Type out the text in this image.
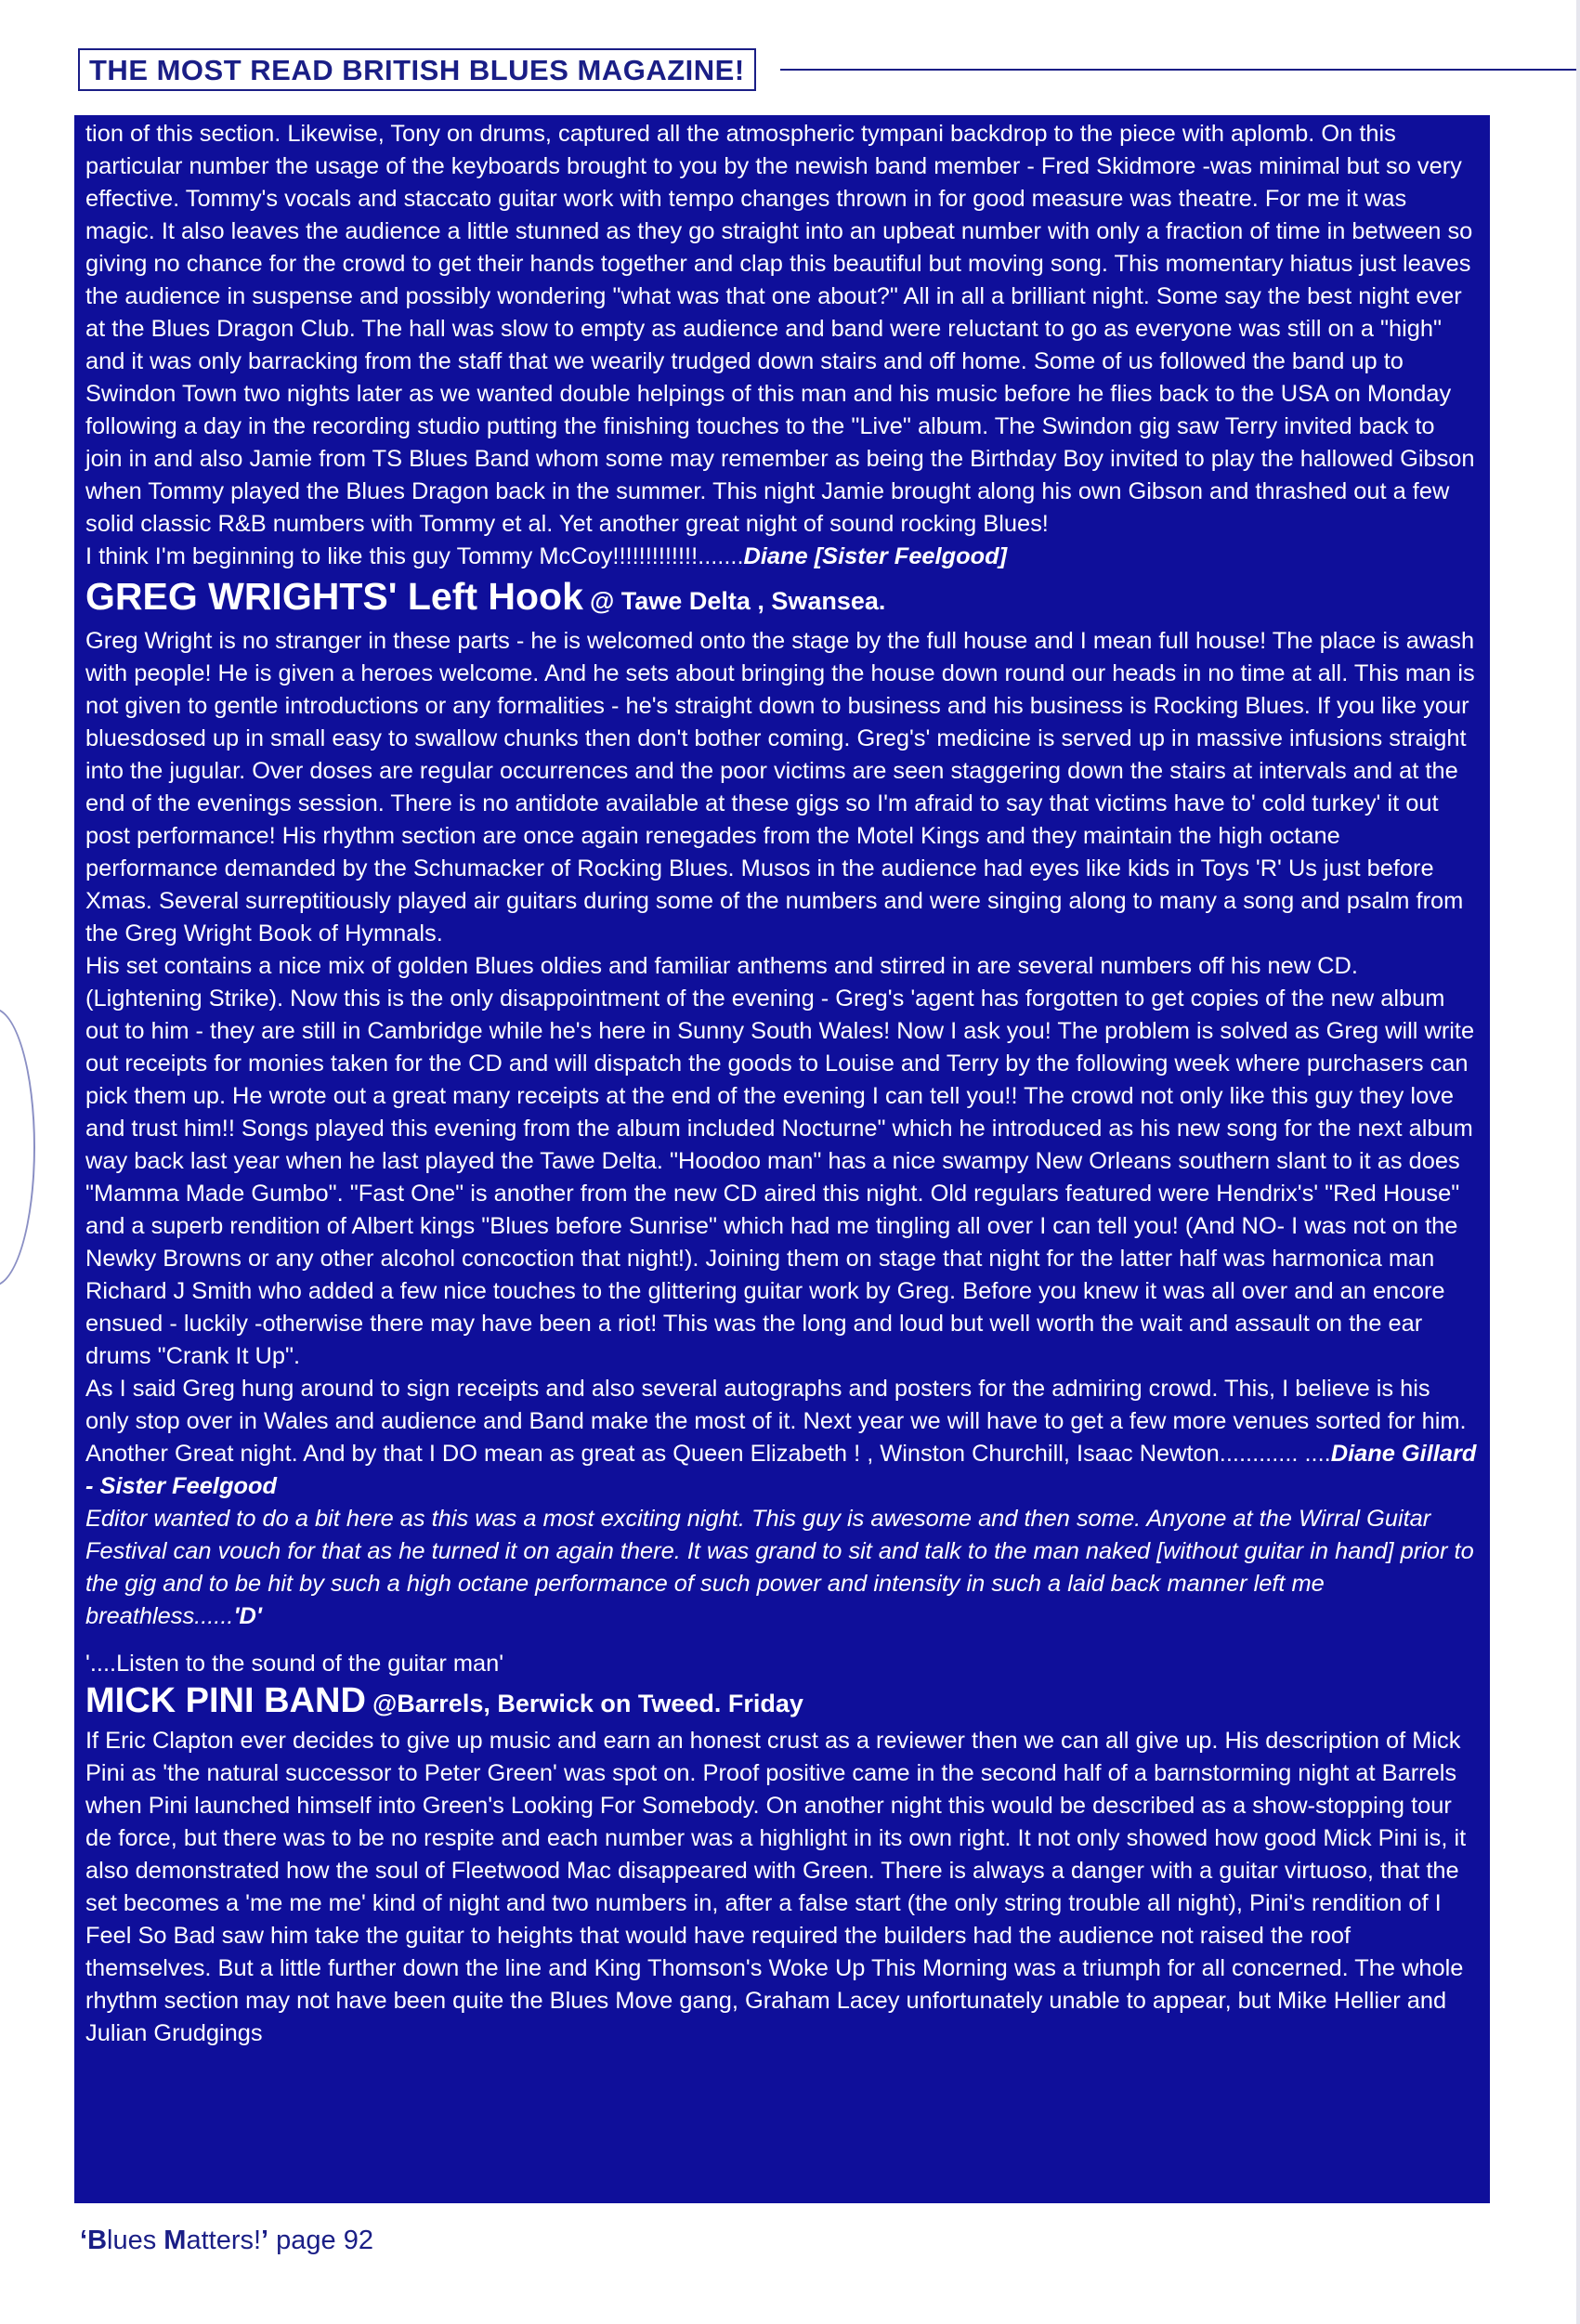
THE MOST READ BRITISH BLUES MAGAZINE!

tion of this section. Likewise, Tony on drums, captured all the atmospheric tympani backdrop to the piece with aplomb. On this particular number the usage of the keyboards brought to you by the newish band member - Fred Skidmore -was minimal but so very effective. Tommy's vocals and staccato guitar work with tempo changes thrown in for good measure was theatre. For me it was magic. It also leaves the audience a little stunned as they go straight into an upbeat number with only a fraction of time in between so giving no chance for the crowd to get their hands together and clap this beautiful but moving song. This momentary hiatus just leaves the audience in suspense and possibly wondering "what was that one about?" All in all a brilliant night. Some say the best night ever at the Blues Dragon Club. The hall was slow to empty as audience and band were reluctant to go as everyone was still on a "high" and it was only barracking from the staff that we wearily trudged down stairs and off home. Some of us followed the band up to Swindon Town two nights later as we wanted double helpings of this man and his music before he flies back to the USA on Monday following a day in the recording studio putting the finishing touches to the "Live" album. The Swindon gig saw Terry invited back to join in and also Jamie from TS Blues Band whom some may remember as being the Birthday Boy invited to play the hallowed Gibson when Tommy played the Blues Dragon back in the summer. This night Jamie brought along his own Gibson and thrashed out a few solid classic R&B numbers with Tommy et al. Yet another great night of sound rocking Blues!

I think I'm beginning to like this guy Tommy McCoy!!!!!!!!!!!!!.......Diane [Sister Feelgood]

GREG WRIGHTS' Left Hook @ Tawe Delta , Swansea.

Greg Wright is no stranger in these parts - he is welcomed onto the stage by the full house and I mean full house! The place is awash with people! He is given a heroes welcome. And he sets about bringing the house down round our heads in no time at all. This man is not given to gentle introductions or any formalities - he's straight down to business and his business is Rocking Blues. If you like your bluesdosed up in small easy to swallow chunks then don't bother coming. Greg's' medicine is served up in massive infusions straight into the jugular. Over doses are regular occurrences and the poor victims are seen staggering down the stairs at intervals and at the end of the evenings session. There is no antidote available at these gigs so I'm afraid to say that victims have to' cold turkey' it out post performance! His rhythm section are once again renegades from the Motel Kings and they maintain the high octane performance demanded by the Schumacker of Rocking Blues. Musos in the audience had eyes like kids in Toys 'R' Us just before Xmas. Several surreptitiously played air guitars during some of the numbers and were singing along to many a song and psalm from the Greg Wright Book of Hymnals.

His set contains a nice mix of golden Blues oldies and familiar anthems and stirred in are several numbers off his new CD. (Lightening Strike). Now this is the only disappointment of the evening - Greg's 'agent has forgotten to get copies of the new album out to him - they are still in Cambridge while he's here in Sunny South Wales! Now I ask you! The problem is solved as Greg will write out receipts for monies taken for the CD and will dispatch the goods to Louise and Terry by the following week where purchasers can pick them up. He wrote out a great many receipts at the end of the evening I can tell you!! The crowd not only like this guy they love and trust him!! Songs played this evening from the album included Nocturne" which he introduced as his new song for the next album way back last year when he last played the Tawe Delta. "Hoodoo man" has a nice swampy New Orleans southern slant to it as does "Mamma Made Gumbo". "Fast One" is another from the new CD aired this night. Old regulars featured were Hendrix's' "Red House" and a superb rendition of Albert kings "Blues before Sunrise" which had me tingling all over I can tell you! (And NO- I was not on the Newky Browns or any other alcohol concoction that night!). Joining them on stage that night for the latter half was harmonica man Richard J Smith who added a few nice touches to the glittering guitar work by Greg. Before you knew it was all over and an encore ensued - luckily -otherwise there may have been a riot! This was the long and loud but well worth the wait and assault on the ear drums "Crank It Up".

As I said Greg hung around to sign receipts and also several autographs and posters for the admiring crowd. This, I believe is his only stop over in Wales and audience and Band make the most of it. Next year we will have to get a few more venues sorted for him. Another Great night. And by that I DO mean as great as Queen Elizabeth ! , Winston Churchill, Isaac Newton............ ....Diane Gillard - Sister Feelgood

Editor wanted to do a bit here as this was a most exciting night. This guy is awesome and then some. Anyone at the Wirral Guitar Festival can vouch for that as he turned it on again there. It was grand to sit and talk to the man naked [without guitar in hand] prior to the gig and to be hit by such a high octane performance of such power and intensity in such a laid back manner left me breathless......'D'

'....Listen to the sound of the guitar man'

MICK PINI BAND @Barrels, Berwick on Tweed. Friday

If Eric Clapton ever decides to give up music and earn an honest crust as a reviewer then we can all give up. His description of Mick Pini as 'the natural successor to Peter Green' was spot on. Proof positive came in the second half of a barnstorming night at Barrels when Pini launched himself into Green's Looking For Somebody. On another night this would be described as a show-stopping tour de force, but there was to be no respite and each number was a highlight in its own right. It not only showed how good Mick Pini is, it also demonstrated how the soul of Fleetwood Mac disappeared with Green. There is always a danger with a guitar virtuoso, that the set becomes a 'me me me' kind of night and two numbers in, after a false start (the only string trouble all night), Pini's rendition of I Feel So Bad saw him take the guitar to heights that would have required the builders had the audience not raised the roof themselves. But a little further down the line and King Thomson's Woke Up This Morning was a triumph for all concerned. The whole rhythm section may not have been quite the Blues Move gang, Graham Lacey unfortunately unable to appear, but Mike Hellier and Julian Grudgings

‘Blues Matters!’ page 92
